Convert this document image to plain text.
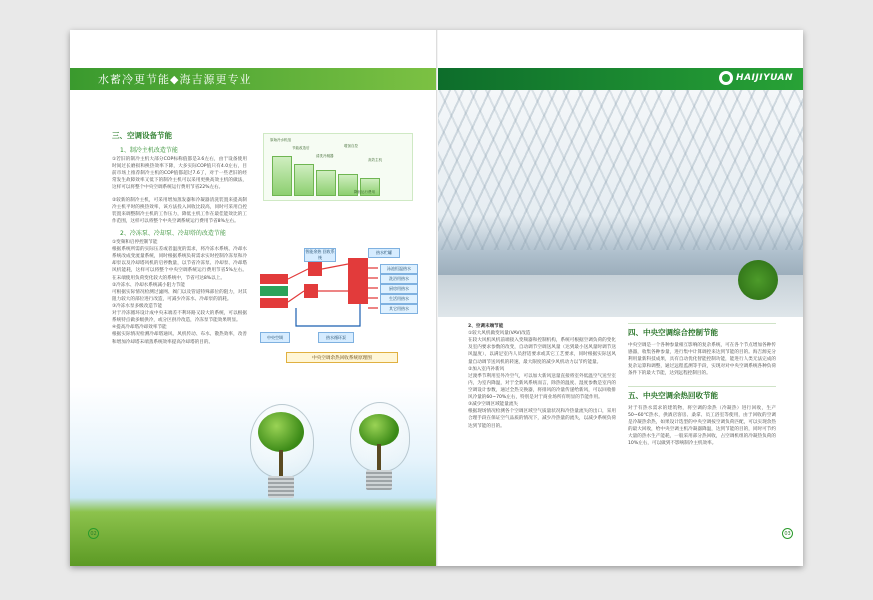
水蓄冷更节能◆海吉源更专业	HAIJIYUAN

三、空调设备节能

1、制冷主机改造节能

①若旧的制冷主机大部分COP标称值都是3.6左右，由于设备使用时间过长磨损和换热效率下降，大多实际COP值只有4.0左右，目前市场上推荐制冷主机的COP值都超过7.6了，对于一些老旧的经常发生故障效率又低下的制冷主机可以采用更换高效主机的做法，这样可以将整个中央空调系统运行费用节省22%左右。

②较新的制冷主机，可采用增加蒸发器和冷凝器清洗装置来提高制冷主机平时的换热效率，该方法投入回收比较高，同时可采用自控装置来调整制冷主机的工作压力，降低主机工作在最佳能效比的工作范围，这样可以将整个中央空调系统运行费用节省8%左右。

2、冷冻泵、冷却泵、冷却塔的改造节能

①变频和启停控制节能

根据系统所需的实际压差或者温度的需求，将冷冻水系统、冷却水系统改成变流量系统，同时根据系统负荷需求实时控制冷冻泵和冷却泵以及冷却塔风机的启停数量，以节省冷冻泵、冷却泵、冷却塔风机能耗，这样可以将整个中央空调系统运行费用节省5%左右。在末端使用负荷变化较大的系统中，节省可达8%以上。

②冷冻水、冷却水系统减小阻力节能

可根据实际情况检测过滤网、阀门以及管道特殊部位的阻力，对其阻力较大的部位进行改造，可减少冷冻水、冷却泵的消耗。

③冷冻水泵多级改造节能

对于冷冻循环设计成中央末端差不利环路又较大的系统，可以根据系统特点做多级供冷，或分区供冷改造，冷冻泵节能效果明显。

④提高冷却塔冷却效率节能

根据实际情况检测冷却塔通风、风机传动、布水、散热效率，改善和增加冷却塔末端蒸系统效率提高冷却塔的目的。

原始冷水机组
节能改造后
清洗冷凝器
增加自控
高效主机
降低运行费用
智能余热 回收系统
热水贮罐
泳池恒温热水
洗浴用热水
厨房用热水
生活用热水
其它用热水
中央空调	热水循环泵
中央空调余热回收系统原理图
02

2、空调末端节能

①较大风机做变风量(VAV)改造

在较大风机风机前端接入变频器和控制机构，系统可根据空调负荷的变化及室内要求参数的改变，自动调节空调送风量（达到最小送风量时调节送风温度），以满足室内人员舒适要求或其它工艺要求，同时根据实际送风量自动调节送风机的转速，最大限度的减少风机动力以节约能量。

②加入室内补新风

过渡季节利用室外冷空气，可以加大新风送量直接将室外低温空气送至室内，为室内降温，对于全新风系统而言，除热的温度、湿度参数是室内的空调设计参数，通过全热交换器，将排风的冷量传递给新风，可以回收排风冷量的60~70%左右，特别是对于商业场所有明显的节能作用。

③减少空调区域能量流失

根据现场情况检测各个空调区域空气质量状况和冷热量流失的出口，采用合理手段在保证空气品质的情况下，减少冷热量的流失，以减少系统负荷达到节能的目的。

四、中央空调综合控制节能

中央空调是一个各种参量相互影响的复杂系统，可在各个节点增加各种传感器，收集各种参量，进行集中计算调控来达到节能的目的。海吉源充分利用量新科技成果，具有自动优化智能控制功能，能进行人类无法完成的复杂运算和调整，通过远程监测等手段，实现对对中央空调系统各种负荷条件下的最大节能，达到远程控制目的。

五、中央空调余热回收节能

对于有热水需求的建筑物，将空调的余热（冷凝热）进行回收，生产50~60℃热水，供酒店客房、桑拿、员工浴室等使用，由于回收的空调是冷凝热余热，如果设计选型的中央空调按空调负荷匹配，可以实现余热的最大回收，给中央空调主机冷凝器降温，达到节能的目的，同时可节约大量的热水生产能耗，一般采用部分热回收，占空调机组的冷凝热负荷的10%左右，可以做到不影响制冷主机效率。

03
